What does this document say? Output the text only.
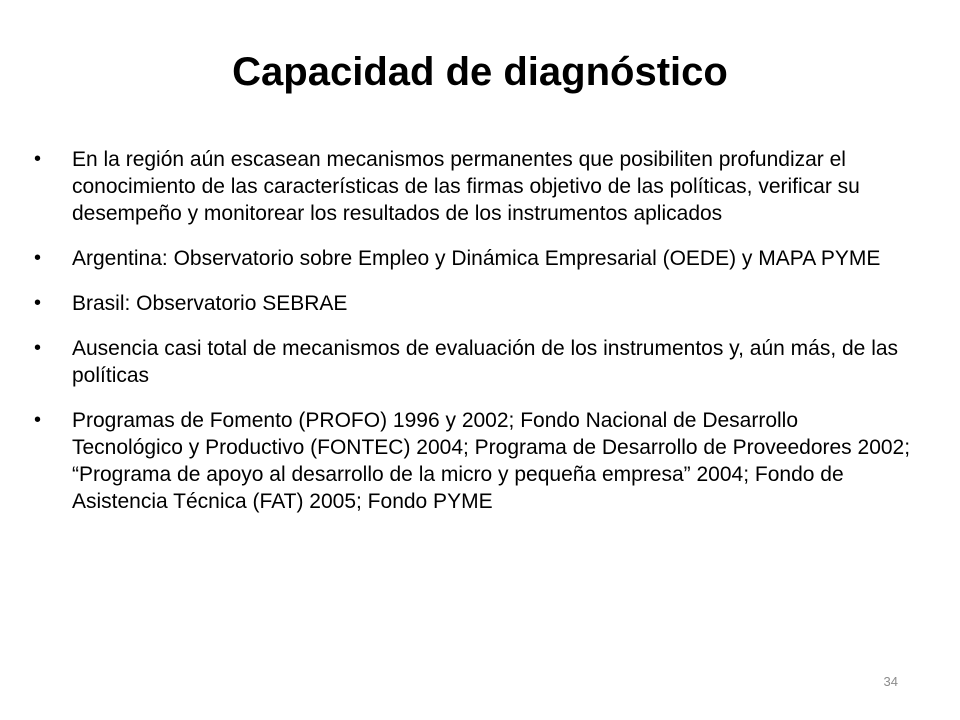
Capacidad de diagnóstico
•	En la región aún escasean mecanismos permanentes que posibiliten profundizar el conocimiento de las características de las firmas objetivo de las políticas, verificar su desempeño y monitorear los resultados de los instrumentos aplicados
•	Argentina: Observatorio sobre Empleo y Dinámica Empresarial (OEDE) y MAPA PYME
•	Brasil: Observatorio SEBRAE
•	Ausencia casi total de mecanismos de evaluación de los instrumentos y, aún más, de las políticas
•	Programas de Fomento (PROFO) 1996 y 2002; Fondo Nacional de Desarrollo Tecnológico y Productivo (FONTEC) 2004; Programa de Desarrollo de Proveedores 2002; “Programa de apoyo al desarrollo de la micro y pequeña empresa” 2004; Fondo de Asistencia Técnica (FAT) 2005; Fondo PYME
34
